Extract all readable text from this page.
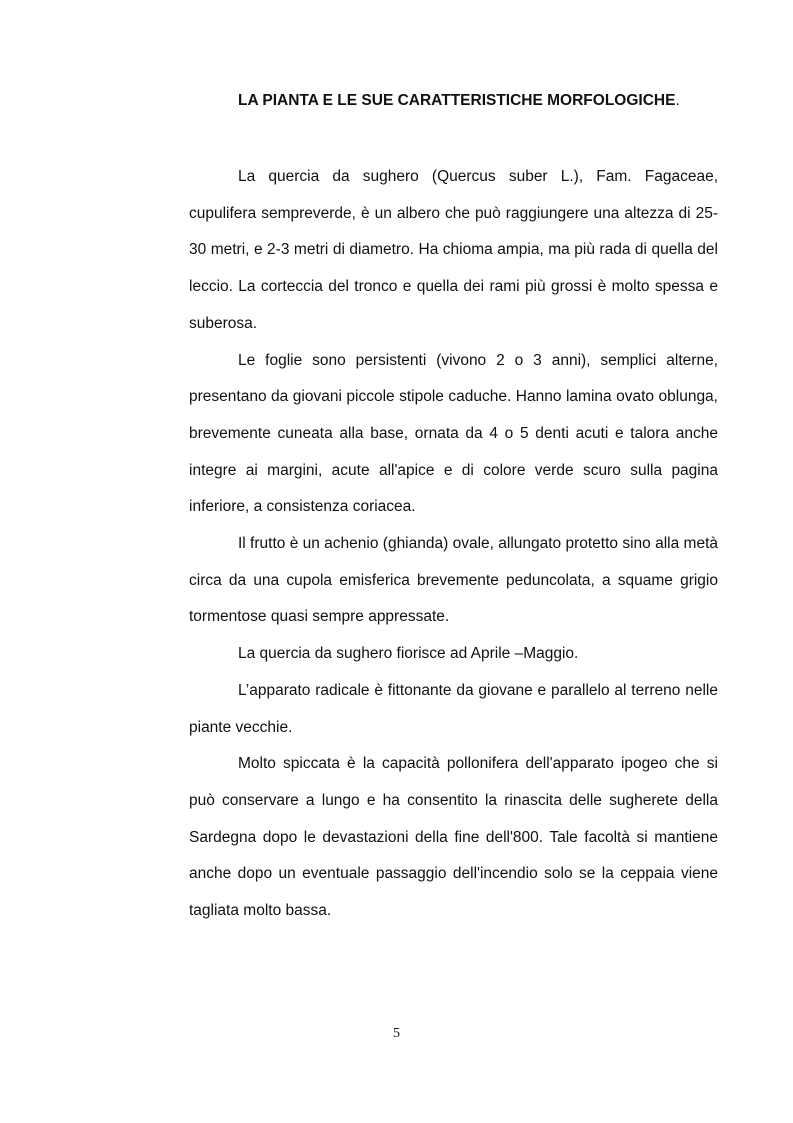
LA PIANTA E LE SUE CARATTERISTICHE MORFOLOGICHE.

La quercia da sughero (Quercus suber L.), Fam. Fagaceae, cupulifera sempreverde, è un albero che può raggiungere una altezza di 25-30 metri, e 2-3 metri di diametro. Ha chioma ampia, ma più rada di quella del leccio. La corteccia del tronco e quella dei rami più grossi è molto spessa e suberosa.

Le foglie sono persistenti (vivono 2 o 3 anni), semplici alterne, presentano da giovani piccole stipole caduche. Hanno lamina ovato oblunga, brevemente cuneata alla base, ornata da 4 o 5 denti acuti e talora anche integre ai margini, acute all'apice e di colore verde scuro sulla pagina inferiore, a consistenza coriacea.

Il frutto è un achenio (ghianda) ovale, allungato protetto sino alla metà circa da una cupola emisferica brevemente peduncolata, a squame grigio tormentose quasi sempre appressate.

La quercia da sughero fiorisce ad Aprile –Maggio.

L’apparato radicale è fittonante da giovane e parallelo al terreno nelle piante vecchie.

Molto spiccata è la capacità pollonifera dell'apparato ipogeo che si può conservare a lungo e ha consentito la rinascita delle sugherete della Sardegna dopo le devastazioni della fine dell'800. Tale facoltà si mantiene anche dopo un eventuale passaggio dell'incendio solo se la ceppaia viene tagliata molto bassa.

5
